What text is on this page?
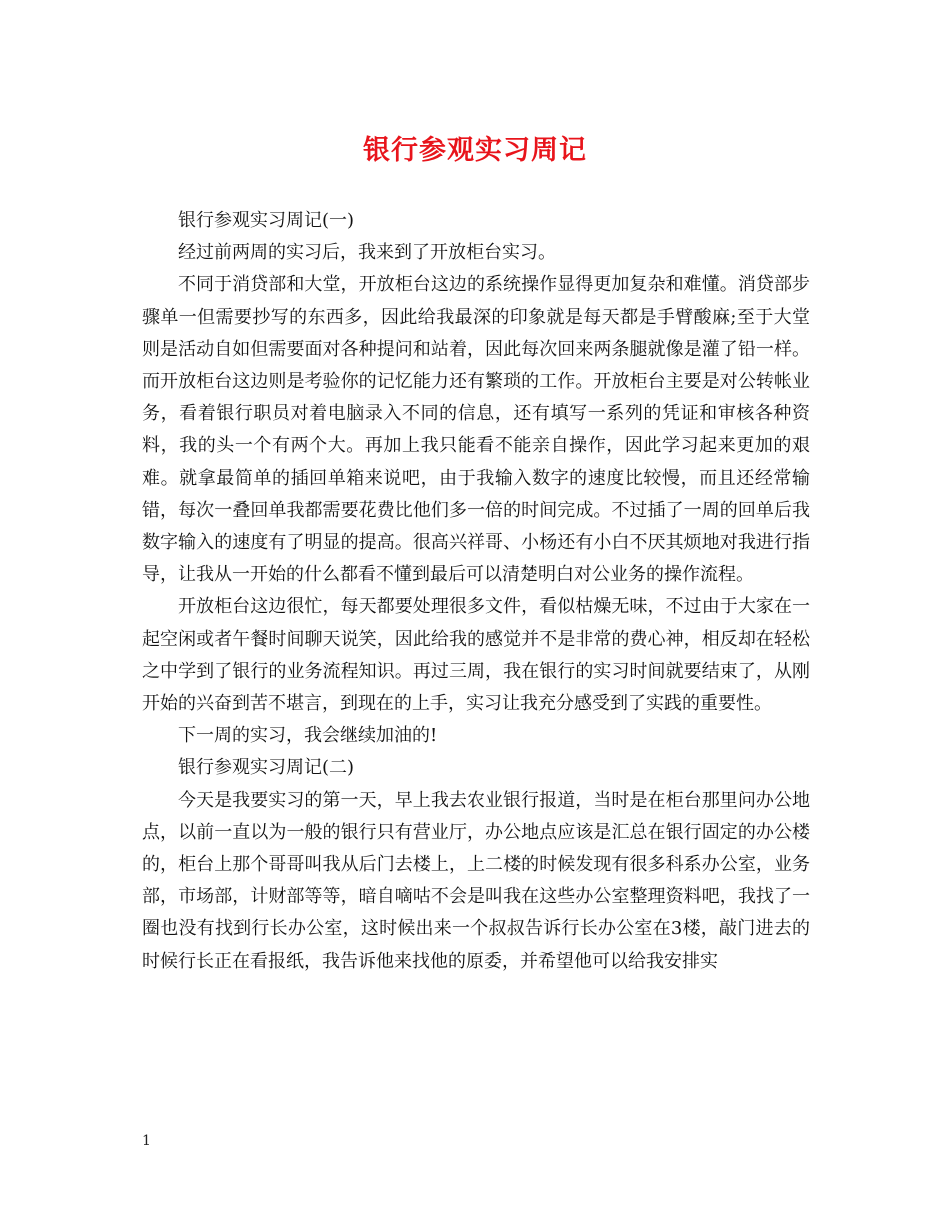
银行参观实习周记

银行参观实习周记(一)

经过前两周的实习后，我来到了开放柜台实习。

不同于消贷部和大堂，开放柜台这边的系统操作显得更加复杂和难懂。消贷部步骤单一但需要抄写的东西多，因此给我最深的印象就是每天都是手臂酸麻;至于大堂则是活动自如但需要面对各种提问和站着，因此每次回来两条腿就像是灌了铅一样。而开放柜台这边则是考验你的记忆能力还有繁琐的工作。开放柜台主要是对公转帐业务，看着银行职员对着电脑录入不同的信息，还有填写一系列的凭证和审核各种资料，我的头一个有两个大。再加上我只能看不能亲自操作，因此学习起来更加的艰难。就拿最简单的插回单箱来说吧，由于我输入数字的速度比较慢，而且还经常输错，每次一叠回单我都需要花费比他们多一倍的时间完成。不过插了一周的回单后我数字输入的速度有了明显的提高。很高兴祥哥、小杨还有小白不厌其烦地对我进行指导，让我从一开始的什么都看不懂到最后可以清楚明白对公业务的操作流程。

开放柜台这边很忙，每天都要处理很多文件，看似枯燥无味，不过由于大家在一起空闲或者午餐时间聊天说笑，因此给我的感觉并不是非常的费心神，相反却在轻松之中学到了银行的业务流程知识。再过三周，我在银行的实习时间就要结束了，从刚开始的兴奋到苦不堪言，到现在的上手，实习让我充分感受到了实践的重要性。

下一周的实习，我会继续加油的!

银行参观实习周记(二)

今天是我要实习的第一天，早上我去农业银行报道，当时是在柜台那里问办公地点，以前一直以为一般的银行只有营业厅，办公地点应该是汇总在银行固定的办公楼的，柜台上那个哥哥叫我从后门去楼上，上二楼的时候发现有很多科系办公室，业务部，市场部，计财部等等，暗自嘀咕不会是叫我在这些办公室整理资料吧，我找了一圈也没有找到行长办公室，这时候出来一个叔叔告诉行长办公室在3楼，敲门进去的时候行长正在看报纸，我告诉他来找他的原委，并希望他可以给我安排实

1
